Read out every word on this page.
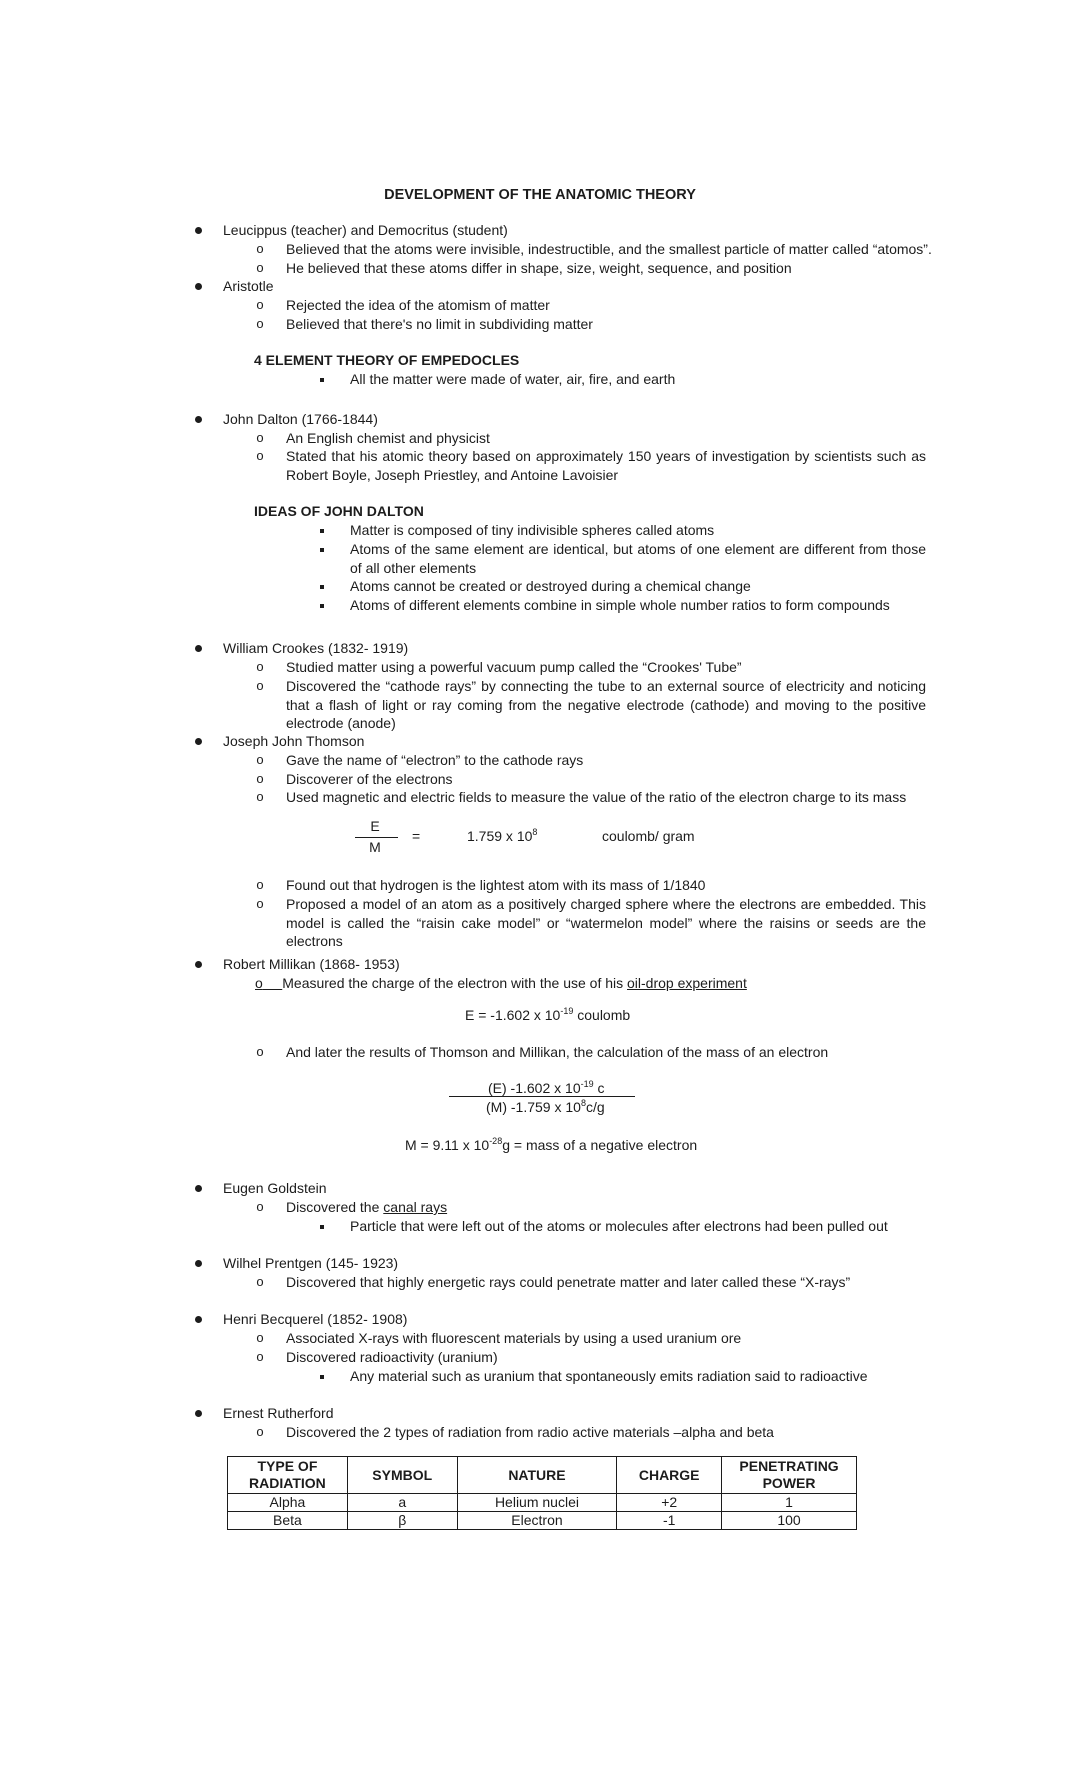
DEVELOPMENT OF THE ANATOMIC THEORY
Leucippus (teacher) and Democritus (student)
o Believed that the atoms were invisible, indestructible, and the smallest particle of matter called “atomos”.
o He believed that these atoms differ in shape, size, weight, sequence, and position
Aristotle
o Rejected the idea of the atomism of matter
o Believed that there's no limit in subdividing matter
4 ELEMENT THEORY OF EMPEDOCLES
All the matter were made of water, air, fire, and earth
John Dalton (1766-1844)
o An English chemist and physicist
o Stated that his atomic theory based on approximately 150 years of investigation by scientists such as Robert Boyle, Joseph Priestley, and Antoine Lavoisier
IDEAS OF JOHN DALTON
Matter is composed of tiny indivisible spheres called atoms
Atoms of the same element are identical, but atoms of one element are different from those of all other elements
Atoms cannot be created or destroyed during a chemical change
Atoms of different elements combine in simple whole number ratios to form compounds
William Crookes (1832- 1919)
o Studied matter using a powerful vacuum pump called the “Crookes' Tube”
o Discovered the “cathode rays” by connecting the tube to an external source of electricity and noticing that a flash of light or ray coming from the negative electrode (cathode) and moving to the positive electrode (anode)
Joseph John Thomson
o Gave the name of “electron” to the cathode rays
o Discoverer of the electrons
o Used magnetic and electric fields to measure the value of the ratio of the electron charge to its mass
E
M
=	1.759 x $10^8$	coulomb/ gram
o Found out that hydrogen is the lightest atom with its mass of 1/1840
o Proposed a model of an atom as a positively charged sphere where the electrons are embedded. This model is called the “raisin cake model” or “watermelon model” where the raisins or seeds are the electrons
Robert Millikan (1868- 1953)
o Measured the charge of the electron with the use of his oil-drop experiment
E = -1.602 x $10^{-19}$ coulomb
o And later the results of Thomson and Millikan, the calculation of the mass of an electron
(E) -1.602 x $10^{-19}$ c
(M) -1.759 x $10^8c/g$
M = 9.11 x $10^{-28}g$ = mass of a negative electron
Eugen Goldstein
o Discovered the canal rays
Particle that were left out of the atoms or molecules after electrons had been pulled out
Wilhel Prentgen (145- 1923)
o Discovered that highly energetic rays could penetrate matter and later called these “X-rays”
Henri Becquerel (1852- 1908)
o Associated X-rays with fluorescent materials by using a used uranium ore
o Discovered radioactivity (uranium)
Any material such as uranium that spontaneously emits radiation said to radioactive
Ernest Rutherford
o Discovered the 2 types of radiation from radio active materials –alpha and beta
TYPE OF RADIATION	SYMBOL	NATURE	CHARGE	PENETRATING POWER
Alpha	a	Helium nuclei	+2	1
Beta	β	Electron	-1	100
